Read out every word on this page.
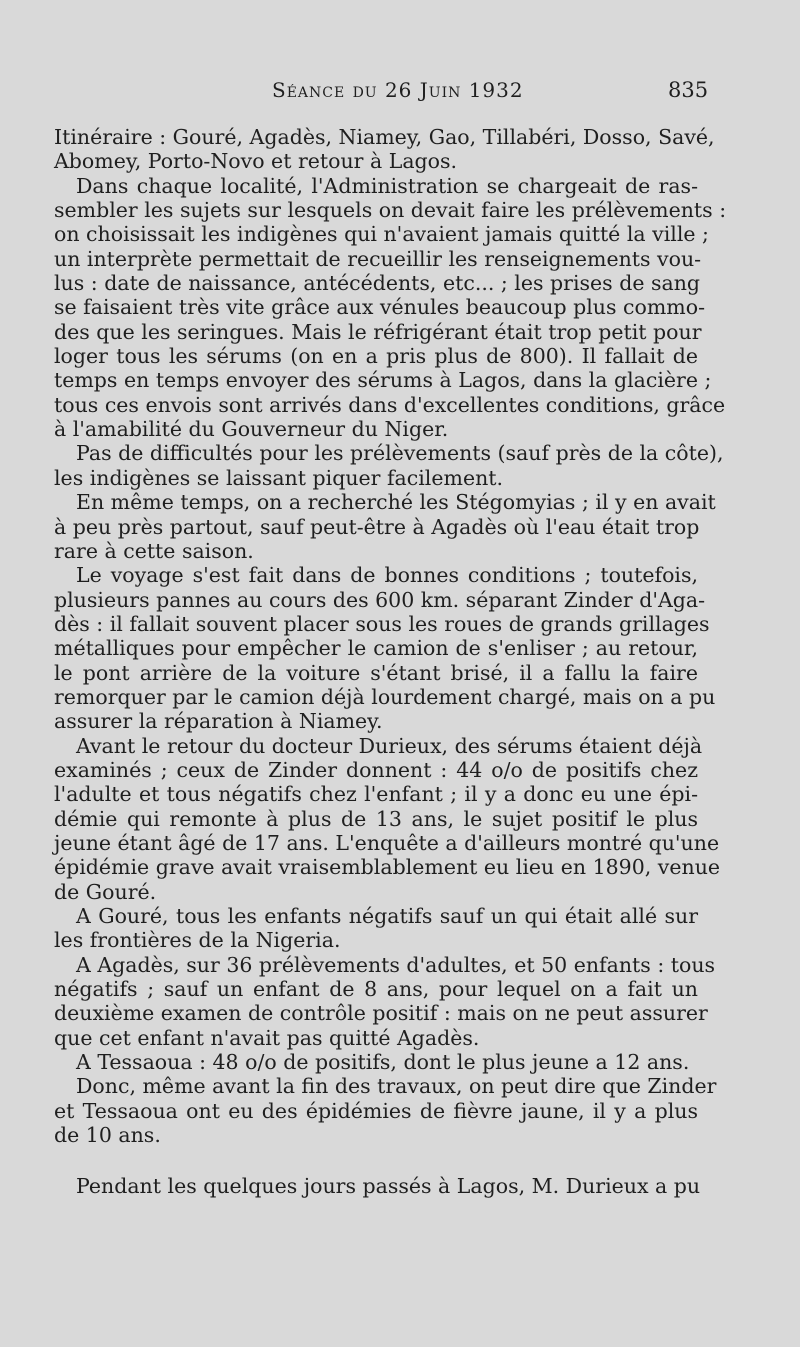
Séance du 26 Juin 1932	835
Itinéraire : Gouré, Agadès, Niamey, Gao, Tillabéri, Dosso, Savé,
Abomey, Porto-Novo et retour à Lagos.
Dans chaque localité, l'Administration se chargeait de ras-
sembler les sujets sur lesquels on devait faire les prélèvements :
on choisissait les indigènes qui n'avaient jamais quitté la ville ;
un interprète permettait de recueillir les renseignements vou-
lus : date de naissance, antécédents, etc... ; les prises de sang
se faisaient très vite grâce aux vénules beaucoup plus commo-
des que les seringues. Mais le réfrigérant était trop petit pour
loger tous les sérums (on en a pris plus de 800). Il fallait de
temps en temps envoyer des sérums à Lagos, dans la glacière ;
tous ces envois sont arrivés dans d'excellentes conditions, grâce
à l'amabilité du Gouverneur du Niger.
Pas de difficultés pour les prélèvements (sauf près de la côte),
les indigènes se laissant piquer facilement.
En même temps, on a recherché les Stégomyias ; il y en avait
à peu près partout, sauf peut-être à Agadès où l'eau était trop
rare à cette saison.
Le voyage s'est fait dans de bonnes conditions ; toutefois,
plusieurs pannes au cours des 600 km. séparant Zinder d'Aga-
dès : il fallait souvent placer sous les roues de grands grillages
métalliques pour empêcher le camion de s'enliser ; au retour,
le pont arrière de la voiture s'étant brisé, il a fallu la faire
remorquer par le camion déjà lourdement chargé, mais on a pu
assurer la réparation à Niamey.
Avant le retour du docteur Durieux, des sérums étaient déjà
examinés ; ceux de Zinder donnent : 44 o/o de positifs chez
l'adulte et tous négatifs chez l'enfant ; il y a donc eu une épi-
démie qui remonte à plus de 13 ans, le sujet positif le plus
jeune étant âgé de 17 ans. L'enquête a d'ailleurs montré qu'une
épidémie grave avait vraisemblablement eu lieu en 1890, venue
de Gouré.
A Gouré, tous les enfants négatifs sauf un qui était allé sur
les frontières de la Nigeria.
A Agadès, sur 36 prélèvements d'adultes, et 50 enfants : tous
négatifs ; sauf un enfant de 8 ans, pour lequel on a fait un
deuxième examen de contrôle positif : mais on ne peut assurer
que cet enfant n'avait pas quitté Agadès.
A Tessaoua : 48 o/o de positifs, dont le plus jeune a 12 ans.
Donc, même avant la fin des travaux, on peut dire que Zinder
et Tessaoua ont eu des épidémies de fièvre jaune, il y a plus
de 10 ans.
Pendant les quelques jours passés à Lagos, M. Durieux a pu
